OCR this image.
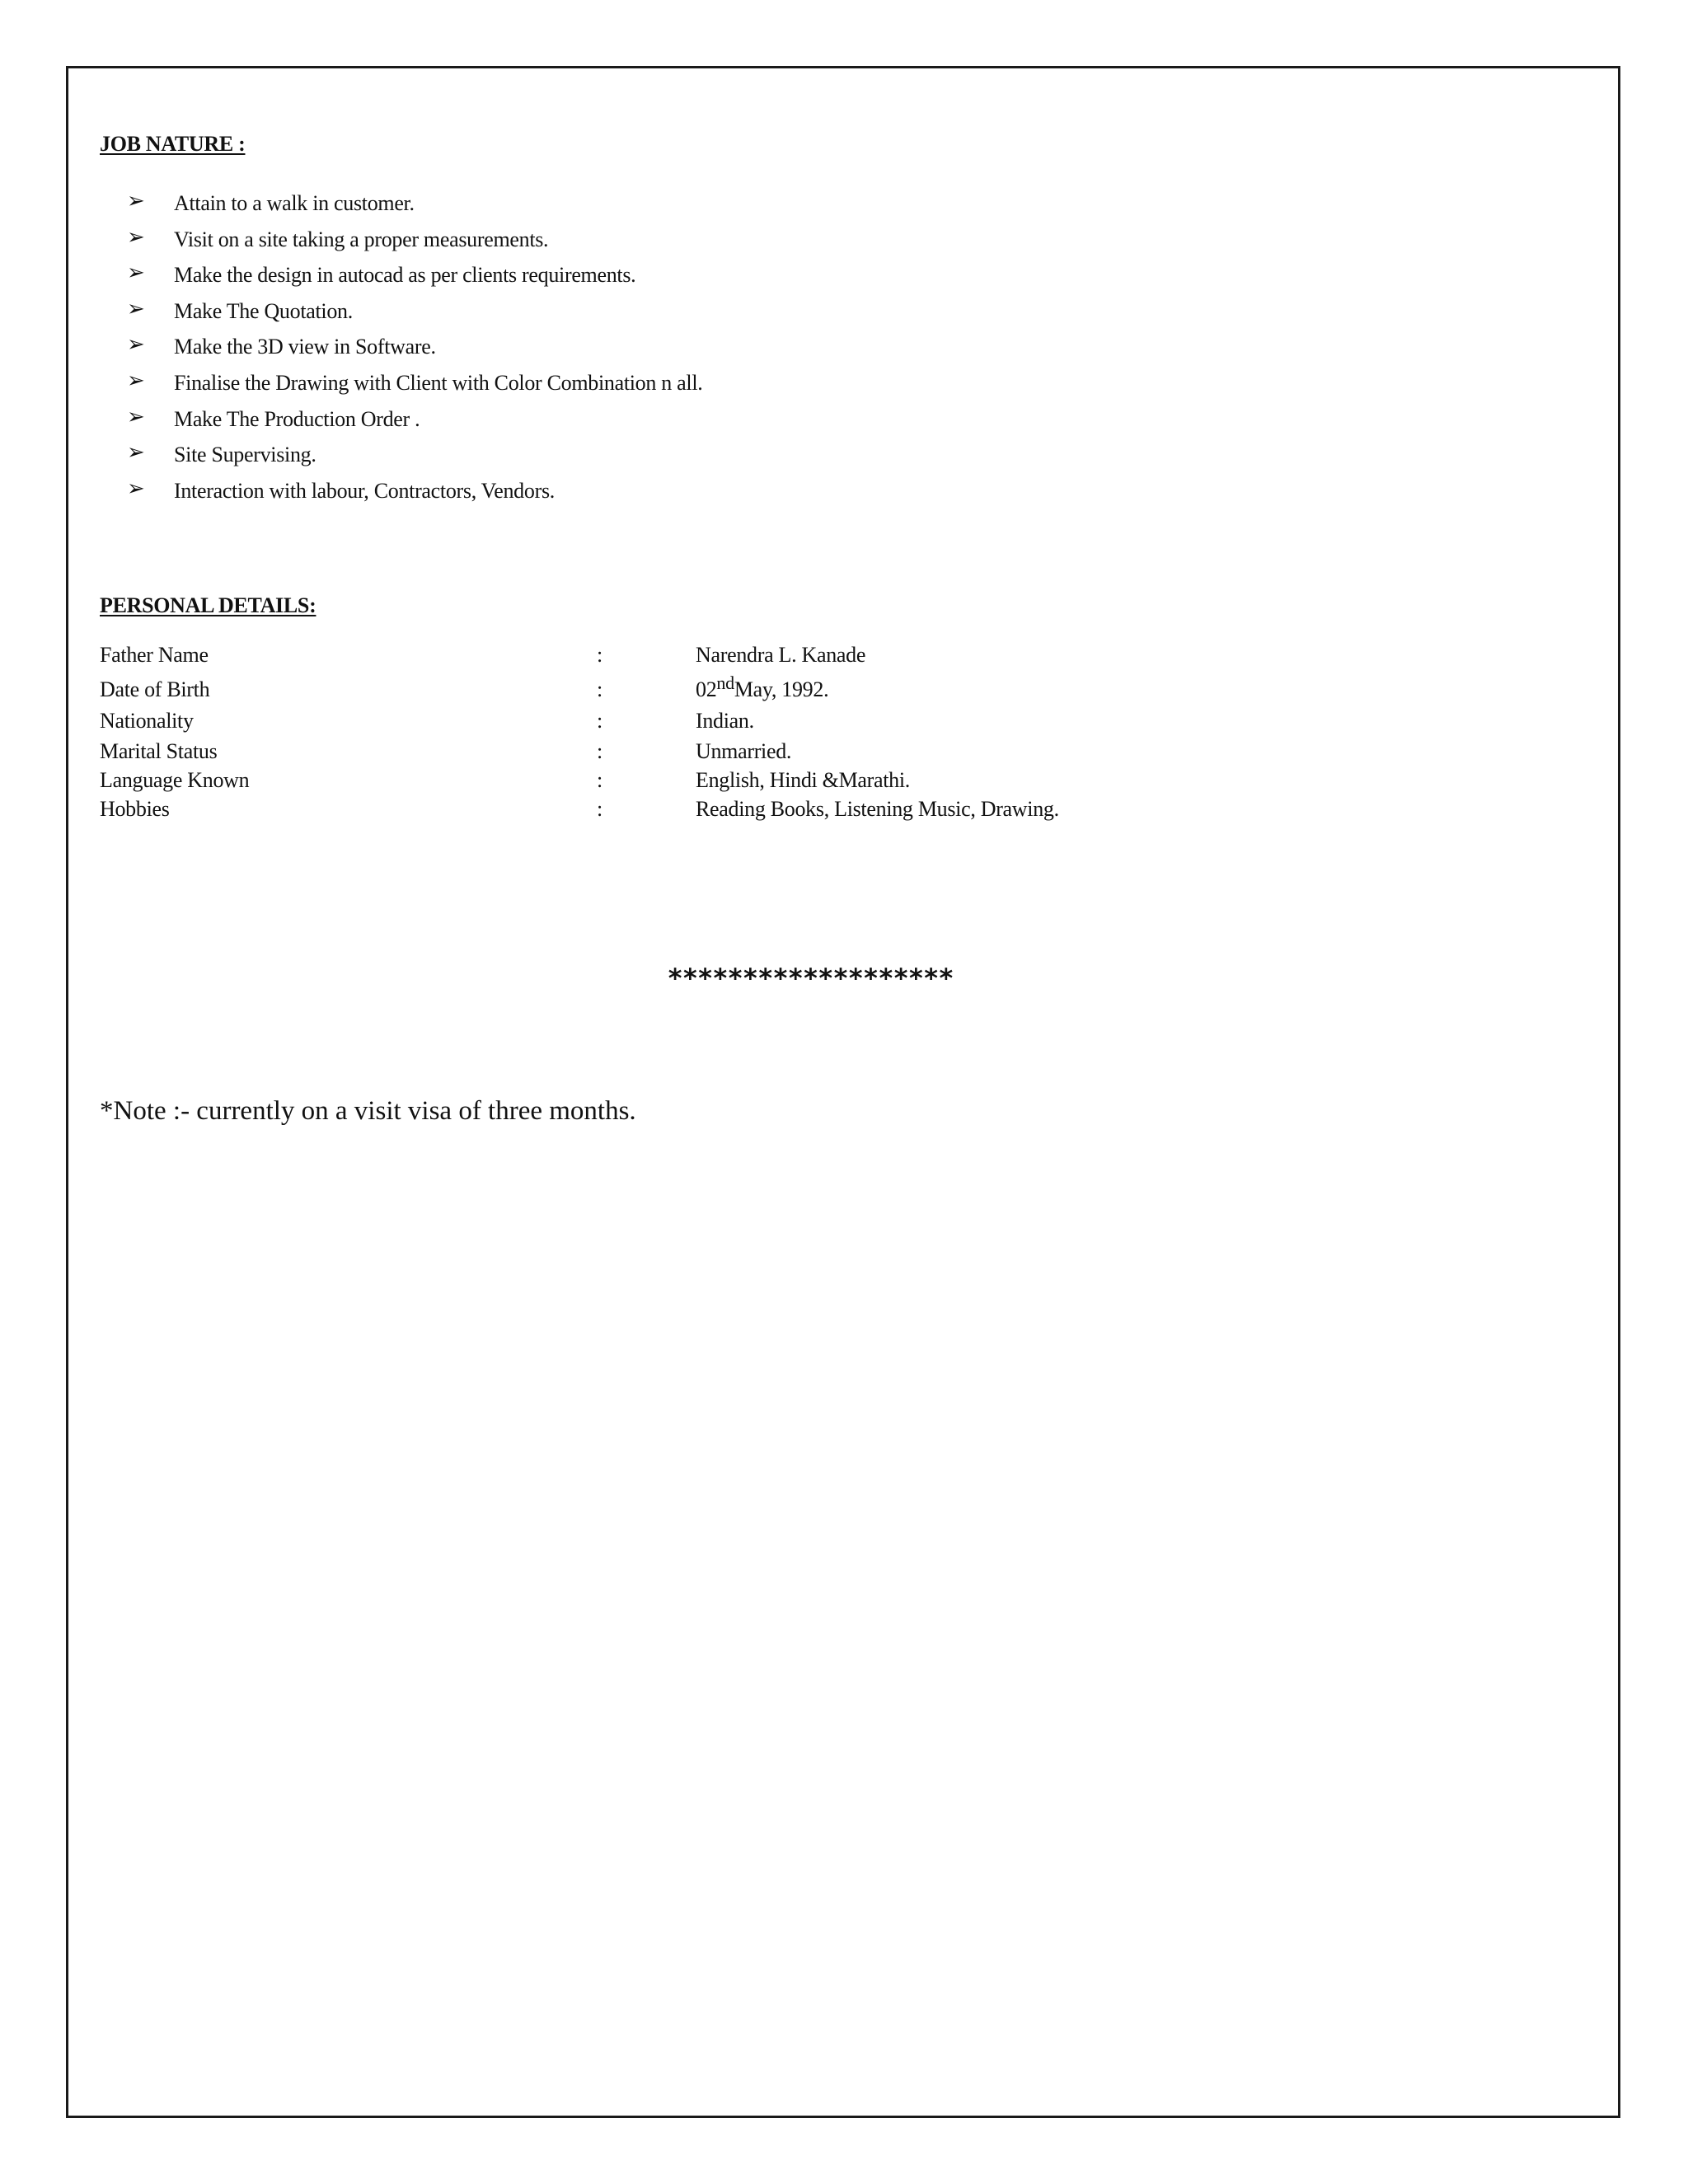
JOB NATURE :
➢ Attain to a walk in customer.
➢ Visit on a site taking a proper measurements.
➢ Make the design in autocad as per clients requirements.
➢ Make The Quotation.
➢ Make the 3D view in Software.
➢ Finalise the Drawing with Client with Color Combination n all.
➢ Make The Production Order .
➢ Site Supervising.
➢ Interaction with labour, Contractors, Vendors.
PERSONAL DETAILS:
Father Name	:	Narendra L. Kanade
Date of Birth	:	02ndMay, 1992.
Nationality	:	Indian.
Marital Status	:	Unmarried.
Language Known	:	English, Hindi &Marathi.
Hobbies	:	Reading Books, Listening Music, Drawing.
*******************
*Note :- currently on a visit visa of three months.
